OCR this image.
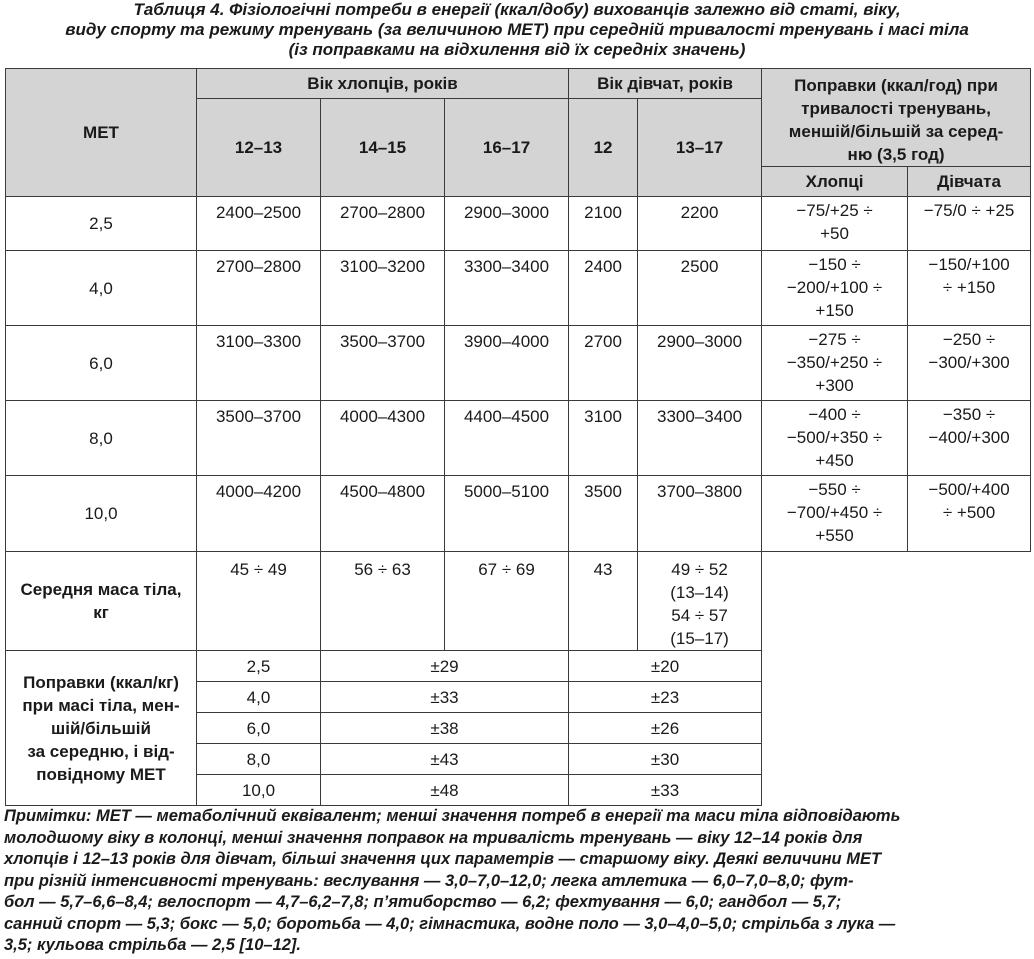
Таблиця 4. Фізіологічні потреби в енергії (ккал/добу) вихованців залежно від статі, віку,
виду спорту та режиму тренувань (за величиною МЕТ) при середній тривалості тренувань і масі тіла
(із поправками на відхилення від їх середніх значень)
МЕТ	Вік хлопців, років			Вік дівчат, років		Поправки (ккал/год) при
тривалості тренувань,
меншій/більшій за серед-
ню (3,5 год)	

	12–13	14–15	16–17	12	13–17		
						Хлопці	Дівчата
2,5	2400–2500	2700–2800	2900–3000	2100	2200	−75/+25 ÷
+50	−75/0 ÷ +25

4,0	2700–2800	3100–3200	3300–3400	2400	2500	−150 ÷
−200/+100 ÷
+150	−150/+100
÷ +150

6,0	3100–3300	3500–3700	3900–4000	2700	2900–3000	−275 ÷
−350/+250 ÷
+300	−250 ÷
−300/+300

8,0	3500–3700	4000–4300	4400–4500	3100	3300–3400	−400 ÷
−500/+350 ÷
+450	−350 ÷
−400/+300

10,0	4000–4200	4500–4800	5000–5100	3500	3700–3800	−550 ÷
−700/+450 ÷
+550	−500/+400
÷ +500

Середня маса тіла,
кг	45 ÷ 49	56 ÷ 63	67 ÷ 69	43	49 ÷ 52
(13–14)
54 ÷ 57
(15–17)		

Поправки (ккал/кг)
при масі тіла, мен-
шій/більшій
за середню, і від-
повідному МЕТ	2,5	±29		±20			
	4,0	±33		±23			
	6,0	±38		±26			
	8,0	±43		±30			
	10,0	±48		±33			
Примітки: МЕТ — метаболічний еквівалент; менші значення потреб в енергії та маси тіла відповідають
молодшому віку в колонці, менші значення поправок на тривалість тренувань — віку 12–14 років для
хлопців і 12–13 років для дівчат, більші значення цих параметрів — старшому віку. Деякі величини МЕТ
при різній інтенсивності тренувань: веслування — 3,0–7,0–12,0; легка атлетика — 6,0–7,0–8,0; фут-
бол — 5,7–6,6–8,4; велоспорт — 4,7–6,2–7,8; п’ятиборство — 6,2; фехтування — 6,0; гандбол — 5,7;
санний спорт — 5,3; бокс — 5,0; боротьба — 4,0; гімнастика, водне поло — 3,0–4,0–5,0; стрільба з лука —
3,5; кульова стрільба — 2,5 [10–12].
